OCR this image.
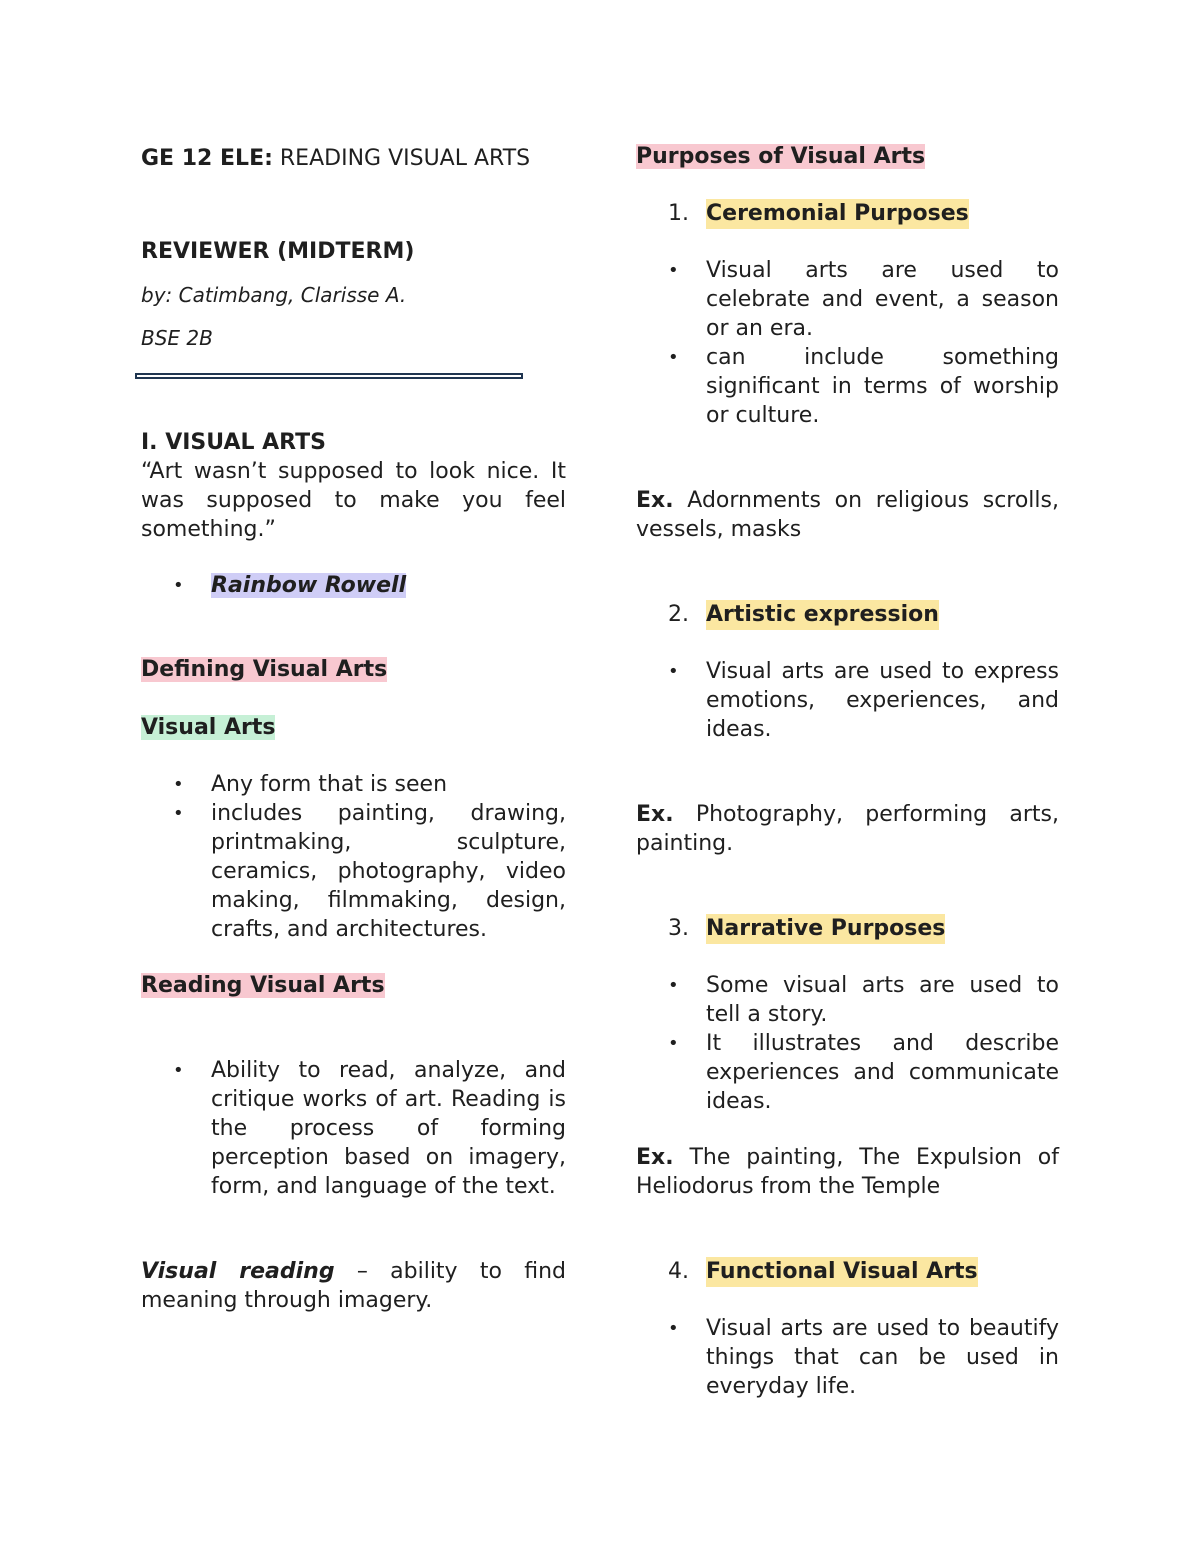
GE 12 ELE: READING VISUAL ARTS

REVIEWER (MIDTERM)

by: Catimbang, Clarisse A.

BSE 2B

I. VISUAL ARTS

“Art wasn’t supposed to look nice. It was supposed to make you feel something.”

• Rainbow Rowell

Defining Visual Arts

Visual Arts

• Any form that is seen
• includes painting, drawing, printmaking, sculpture, ceramics, photography, video making, filmmaking, design, crafts, and architectures.

Reading Visual Arts

• Ability to read, analyze, and critique works of art. Reading is the process of forming perception based on imagery, form, and language of the text.

Visual reading – ability to find meaning through imagery.

Purposes of Visual Arts

1. Ceremonial Purposes
• Visual arts are used to celebrate and event, a season or an era.
• can include something significant in terms of worship or culture.

Ex. Adornments on religious scrolls, vessels, masks

2. Artistic expression
• Visual arts are used to express emotions, experiences, and ideas.

Ex. Photography, performing arts, painting.

3. Narrative Purposes
• Some visual arts are used to tell a story.
• It illustrates and describe experiences and communicate ideas.

Ex. The painting, The Expulsion of Heliodorus from the Temple

4. Functional Visual Arts
• Visual arts are used to beautify things that can be used in everyday life.
